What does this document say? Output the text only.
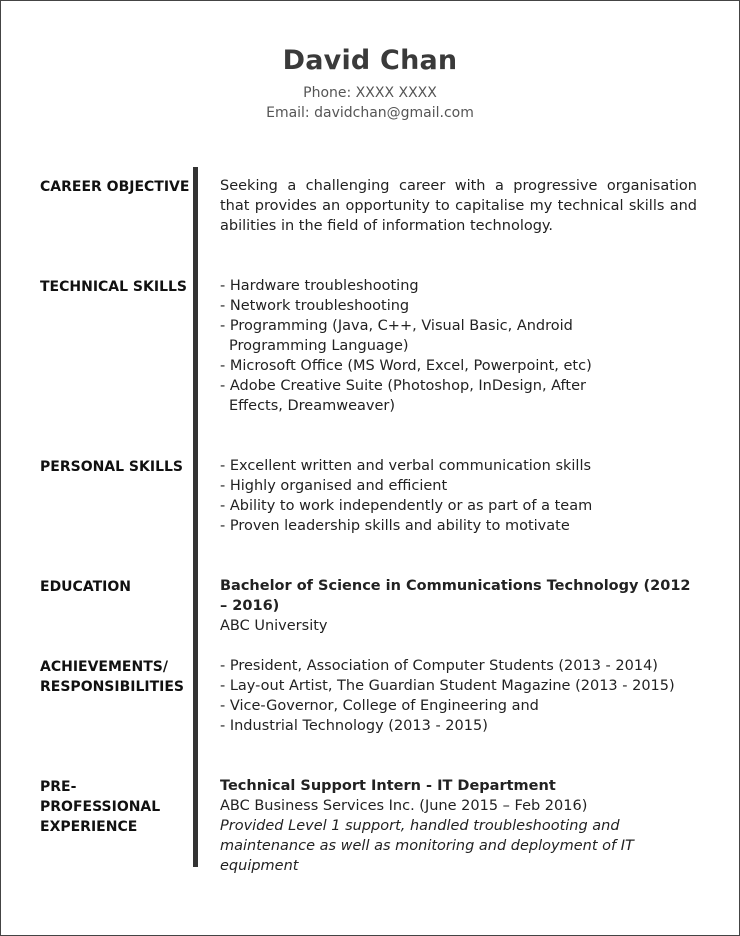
David Chan
Phone: XXXX XXXX
Email: davidchan@gmail.com
CAREER OBJECTIVE Seeking a challenging career with a progressive organisation that provides an opportunity to capitalise my technical skills and abilities in the field of information technology.
TECHNICAL SKILLS - Hardware troubleshooting
- Network troubleshooting
- Programming (Java, C++, Visual Basic, Android Programming Language)
- Microsoft Office (MS Word, Excel, Powerpoint, etc)
- Adobe Creative Suite (Photoshop, InDesign, After Effects, Dreamweaver)
PERSONAL SKILLS	- Excellent written and verbal communication skills
- Highly organised and efficient
- Ability to work independently or as part of a team
- Proven leadership skills and ability to motivate
EDUCATION	Bachelor of Science in Communications Technology (2012 – 2016)
ABC University
ACHIEVEMENTS/
RESPONSIBILITIES
- President, Association of Computer Students (2013 - 2014)
- Lay-out Artist, The Guardian Student Magazine (2013 - 2015)
- Vice-Governor, College of Engineering and
- Industrial Technology (2013 - 2015)
PRE-PROFESSIONAL
EXPERIENCE
Technical Support Intern - IT Department
ABC Business Services Inc. (June 2015 – Feb 2016)
Provided Level 1 support, handled troubleshooting and maintenance as well as monitoring and deployment of IT equipment
